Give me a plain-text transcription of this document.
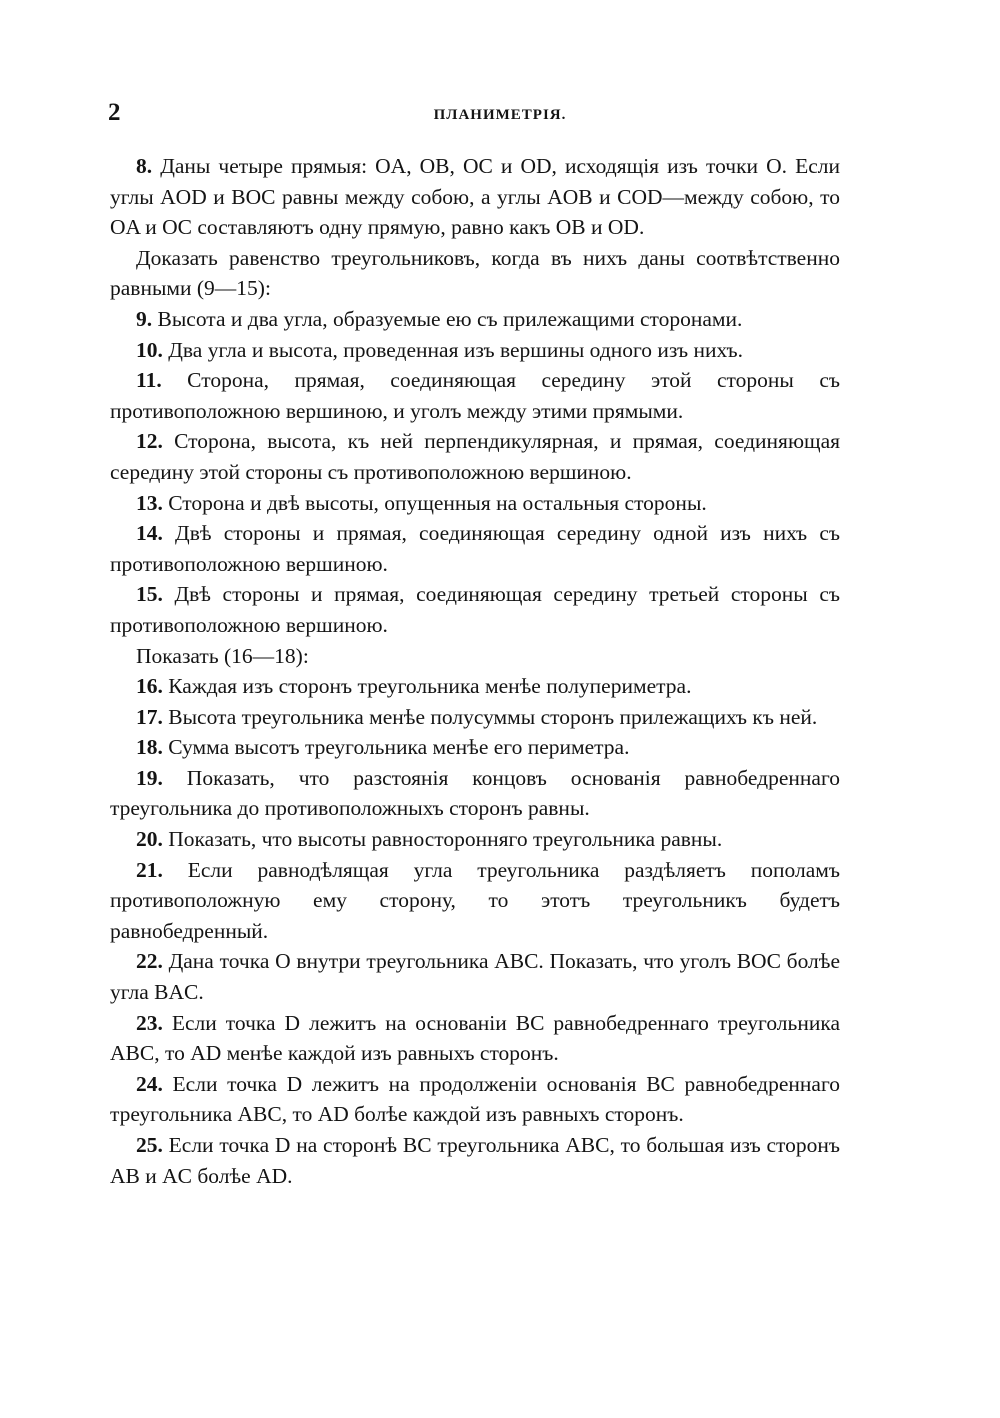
2	ПЛАНИМЕТРІЯ.

8. Даны четыре прямыя: OA, OB, OC и OD, исходящія изъ точки O. Если углы AOD и BOC равны между собою, а углы AOB и COD—между собою, то OA и OC составляютъ одну прямую, равно какъ OB и OD.

Доказать равенство треугольниковъ, когда въ нихъ даны соотвѣтственно равными (9—15):

9. Высота и два угла, образуемые ею съ прилежащими сторонами.

10. Два угла и высота, проведенная изъ вершины одного изъ нихъ.

11. Сторона, прямая, соединяющая середину этой стороны съ противоположною вершиною, и уголъ между этими прямыми.

12. Сторона, высота, къ ней перпендикулярная, и прямая, соединяющая середину этой стороны съ противоположною вершиною.

13. Сторона и двѣ высоты, опущенныя на остальныя стороны.

14. Двѣ стороны и прямая, соединяющая середину одной изъ нихъ съ противоположною вершиною.

15. Двѣ стороны и прямая, соединяющая середину третьей стороны съ противоположною вершиною.

Показать (16—18):

16. Каждая изъ сторонъ треугольника менѣе полупериметра.

17. Высота треугольника менѣе полусуммы сторонъ прилежащихъ къ ней.

18. Сумма высотъ треугольника менѣе его периметра.

19. Показать, что разстоянія концовъ основанія равнобедреннаго треугольника до противоположныхъ сторонъ равны.

20. Показать, что высоты равносторонняго треугольника равны.

21. Если равнодѣлящая угла треугольника раздѣляетъ пополамъ противоположную ему сторону, то этотъ треугольникъ будетъ равнобедренный.

22. Дана точка O внутри треугольника ABC. Показать, что уголъ BOC болѣе угла BAC.

23. Если точка D лежитъ на основаніи BC равнобедреннаго треугольника ABC, то AD менѣе каждой изъ равныхъ сторонъ.

24. Если точка D лежитъ на продолженіи основанія BC равнобедреннаго треугольника ABC, то AD болѣе каждой изъ равныхъ сторонъ.

25. Если точка D на сторонѣ BC треугольника ABC, то большая изъ сторонъ AB и AC болѣе AD.
